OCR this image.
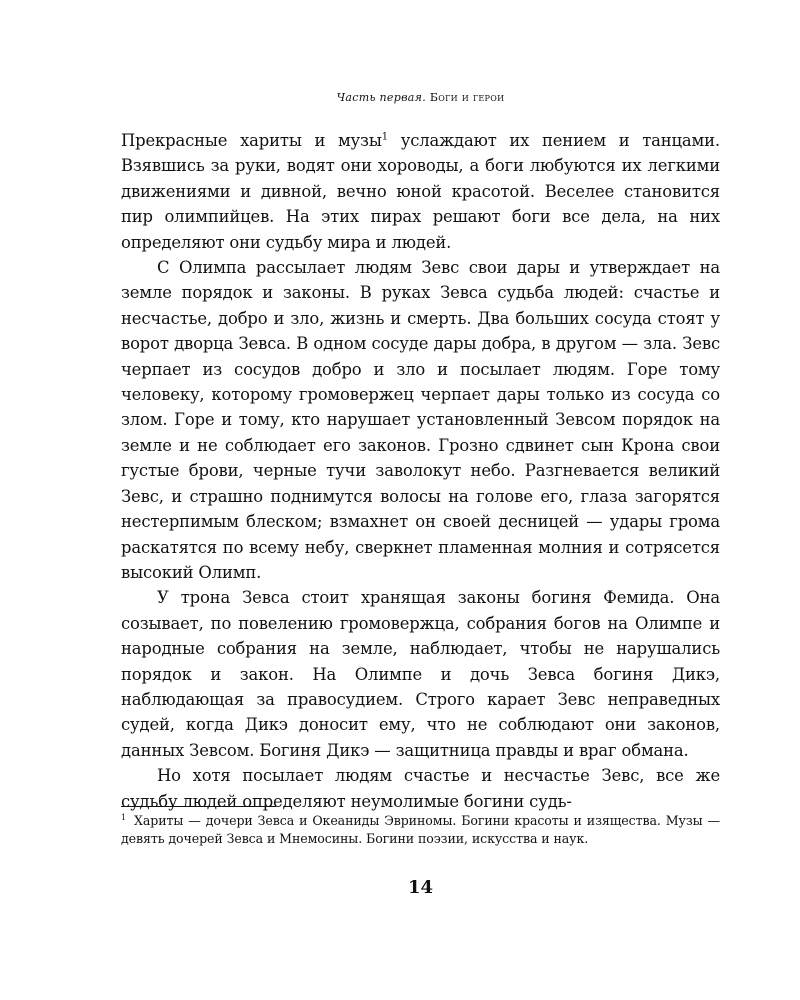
Часть первая. Боги и герои

Прекрасные хариты и музы$^1$ услаждают их пением и танцами. Взявшись за руки, водят они хороводы, а боги любуются их легкими движениями и дивной, вечно юной красотой. Веселее становится пир олимпийцев. На этих пирах решают боги все дела, на них определяют они судьбу мира и людей.

С Олимпа рассылает людям Зевс свои дары и утверждает на земле порядок и законы. В руках Зевса судьба людей: счастье и несчастье, добро и зло, жизнь и смерть. Два больших сосуда стоят у ворот дворца Зевса. В одном сосуде дары добра, в другом — зла. Зевс черпает из сосудов добро и зло и посылает людям. Горе тому человеку, которому громовержец черпает дары только из сосуда со злом. Горе и тому, кто нарушает установленный Зевсом порядок на земле и не соблюдает его законов. Грозно сдвинет сын Крона свои густые брови, черные тучи заволокут небо. Разгневается великий Зевс, и страшно поднимутся волосы на голове его, глаза загорятся нестерпимым блеском; взмахнет он своей десницей — удары грома раскатятся по всему небу, сверкнет пламенная молния и сотрясется высокий Олимп.

У трона Зевса стоит хранящая законы богиня Фемида. Она созывает, по повелению громовержца, собрания богов на Олимпе и народные собрания на земле, наблюдает, чтобы не нарушались порядок и закон. На Олимпе и дочь Зевса богиня Дикэ, наблюдающая за правосудием. Строго карает Зевс неправедных судей, когда Дикэ доносит ему, что не соблюдают они законов, данных Зевсом. Богиня Дикэ — защитница правды и враг обмана.

Но хотя посылает людям счастье и несчастье Зевс, все же судьбу людей определяют неумолимые богини судь-

$^1$ Хариты — дочери Зевса и Океаниды Эвриномы. Богини красоты и изящества. Музы — девять дочерей Зевса и Мнемосины. Богини поэзии, искусства и наук.
14
